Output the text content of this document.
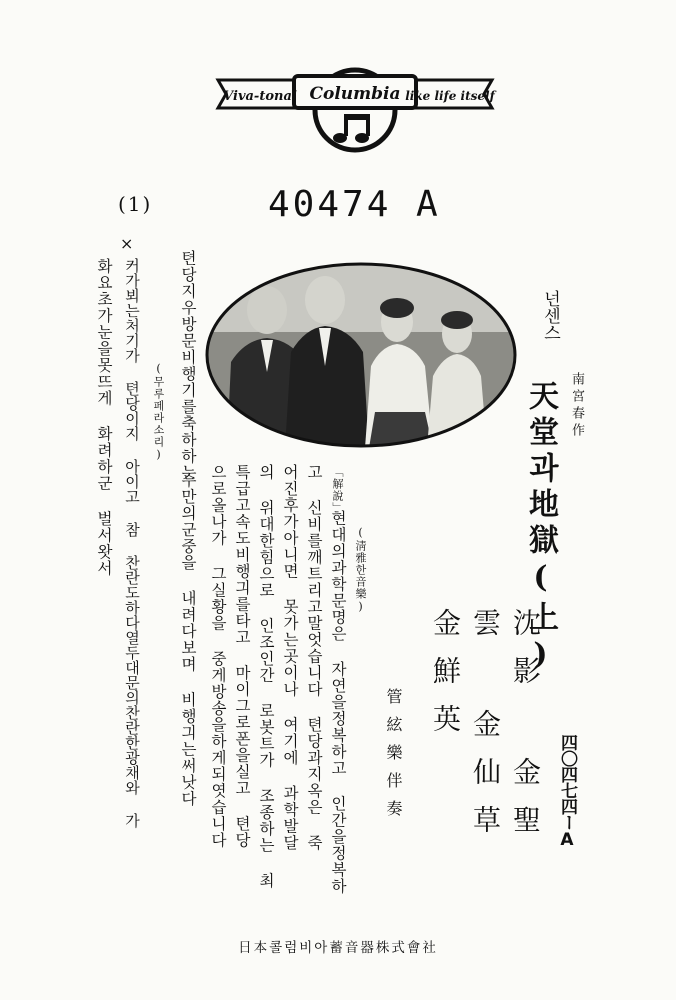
Viva-tonal Columbia like life itself
40474 A
(1)
四〇四七四ーA
넌센스
南宮春作
天堂과地獄(上)
沈影 金聖雲 金仙草 金鮮英
管絃樂伴奏
(淸雅한音樂)
「解說」
현대의과학문명은 자연을정복하고 인간을정복하
고 신비를깨트리고말엇습니다 텬당과지옥은 죽
어진후가아니면 못가는곳이나 여기에 과학발달
의 위대한힘으로 인조인간 로봇트가 조종하는 최
특급고속도비행긔를타고 마이그로폰을실고 텬당
으로올나가 그실황을 중게방송을하게되엿습니다
수만의군중을 내려다보며 비행긔는써낫다
텬당지우방문비행기를축하하는
(무루페라소리)
×
커가뵈는처기가 텬당이지 아이고 참 찬란도하다열두대문의찬란한광채와 가
화요초가눈을못뜨게 화려하군 벌서왓서
日本콜럼비아蓄音器株式會社
